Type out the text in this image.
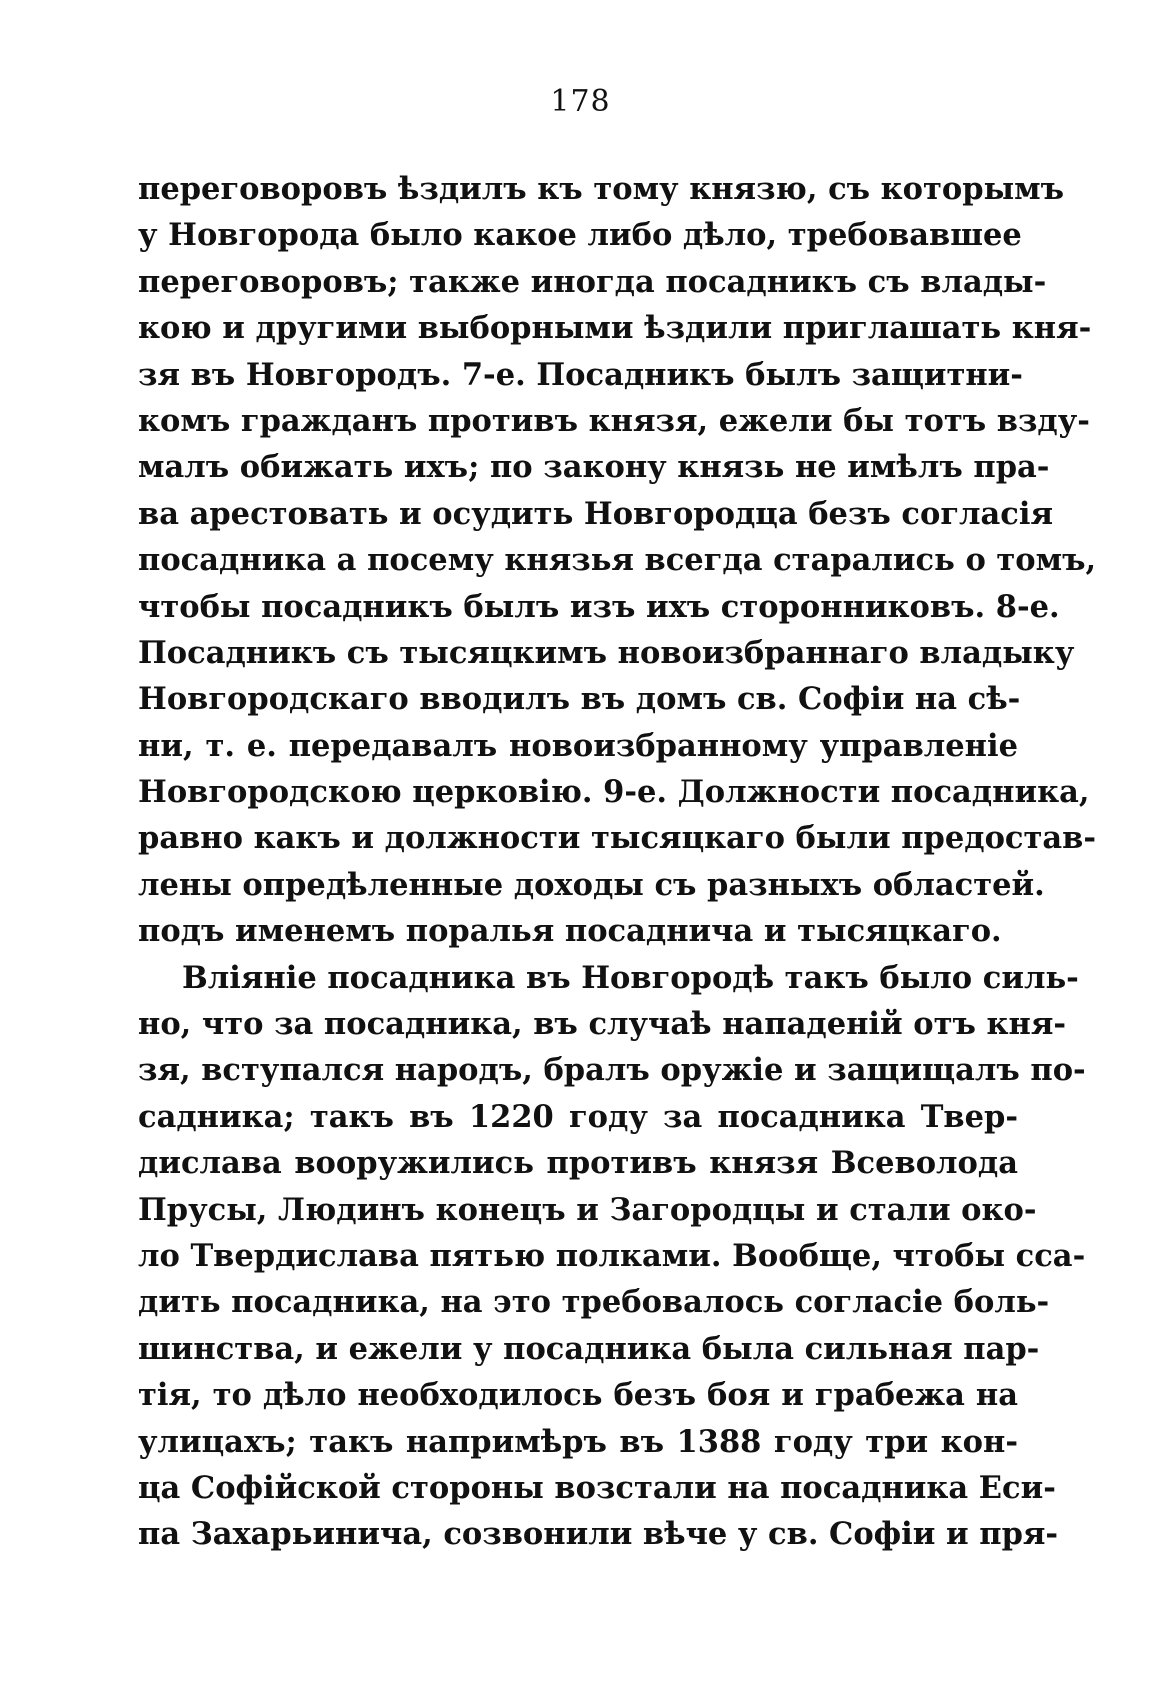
178
переговоровъ ѣздилъ къ тому князю, съ которымъ
у Новгорода было какое либо дѣло, требовавшее
переговоровъ; также иногда посадникъ съ влады-
кою и другими выборными ѣздили приглашать кня-
зя въ Новгородъ. 7-е. Посадникъ былъ защитни-
комъ гражданъ противъ князя, ежели бы тотъ взду-
малъ обижать ихъ; по закону князь не имѣлъ пра-
ва арестовать и осудить Новгородца безъ согласія
посадника а посему князья всегда старались о томъ,
чтобы посадникъ былъ изъ ихъ сторонниковъ. 8-е.
Посадникъ съ тысяцкимъ новоизбраннаго владыку
Новгородскаго вводилъ въ домъ св. Софіи на сѣ-
ни, т. е. передавалъ новоизбранному управленіе
Новгородскою церковію. 9-е. Должности посадника,
равно какъ и должности тысяцкаго были предостав-
лены опредѣленные доходы съ разныхъ областей.
подъ именемъ поралья посаднича и тысяцкаго.
Вліяніе посадника въ Новгородѣ такъ было силь-
но, что за посадника, въ случаѣ нападеній отъ кня-
зя, вступался народъ, бралъ оружіе и защищалъ по-
садника; такъ въ 1220 году за посадника Твер-
дислава вооружились противъ князя Всеволода
Прусы, Людинъ конецъ и Загородцы и стали око-
ло Твердислава пятью полками. Вообще, чтобы сса-
дить посадника, на это требовалось согласіе боль-
шинства, и ежели у посадника была сильная пар-
тія, то дѣло необходилось безъ боя и грабежа на
улицахъ; такъ напримѣръ въ 1388 году три кон-
ца Софійской стороны возстали на посадника Еси-
па Захарьинича, созвонили вѣче у св. Софіи и пря-
